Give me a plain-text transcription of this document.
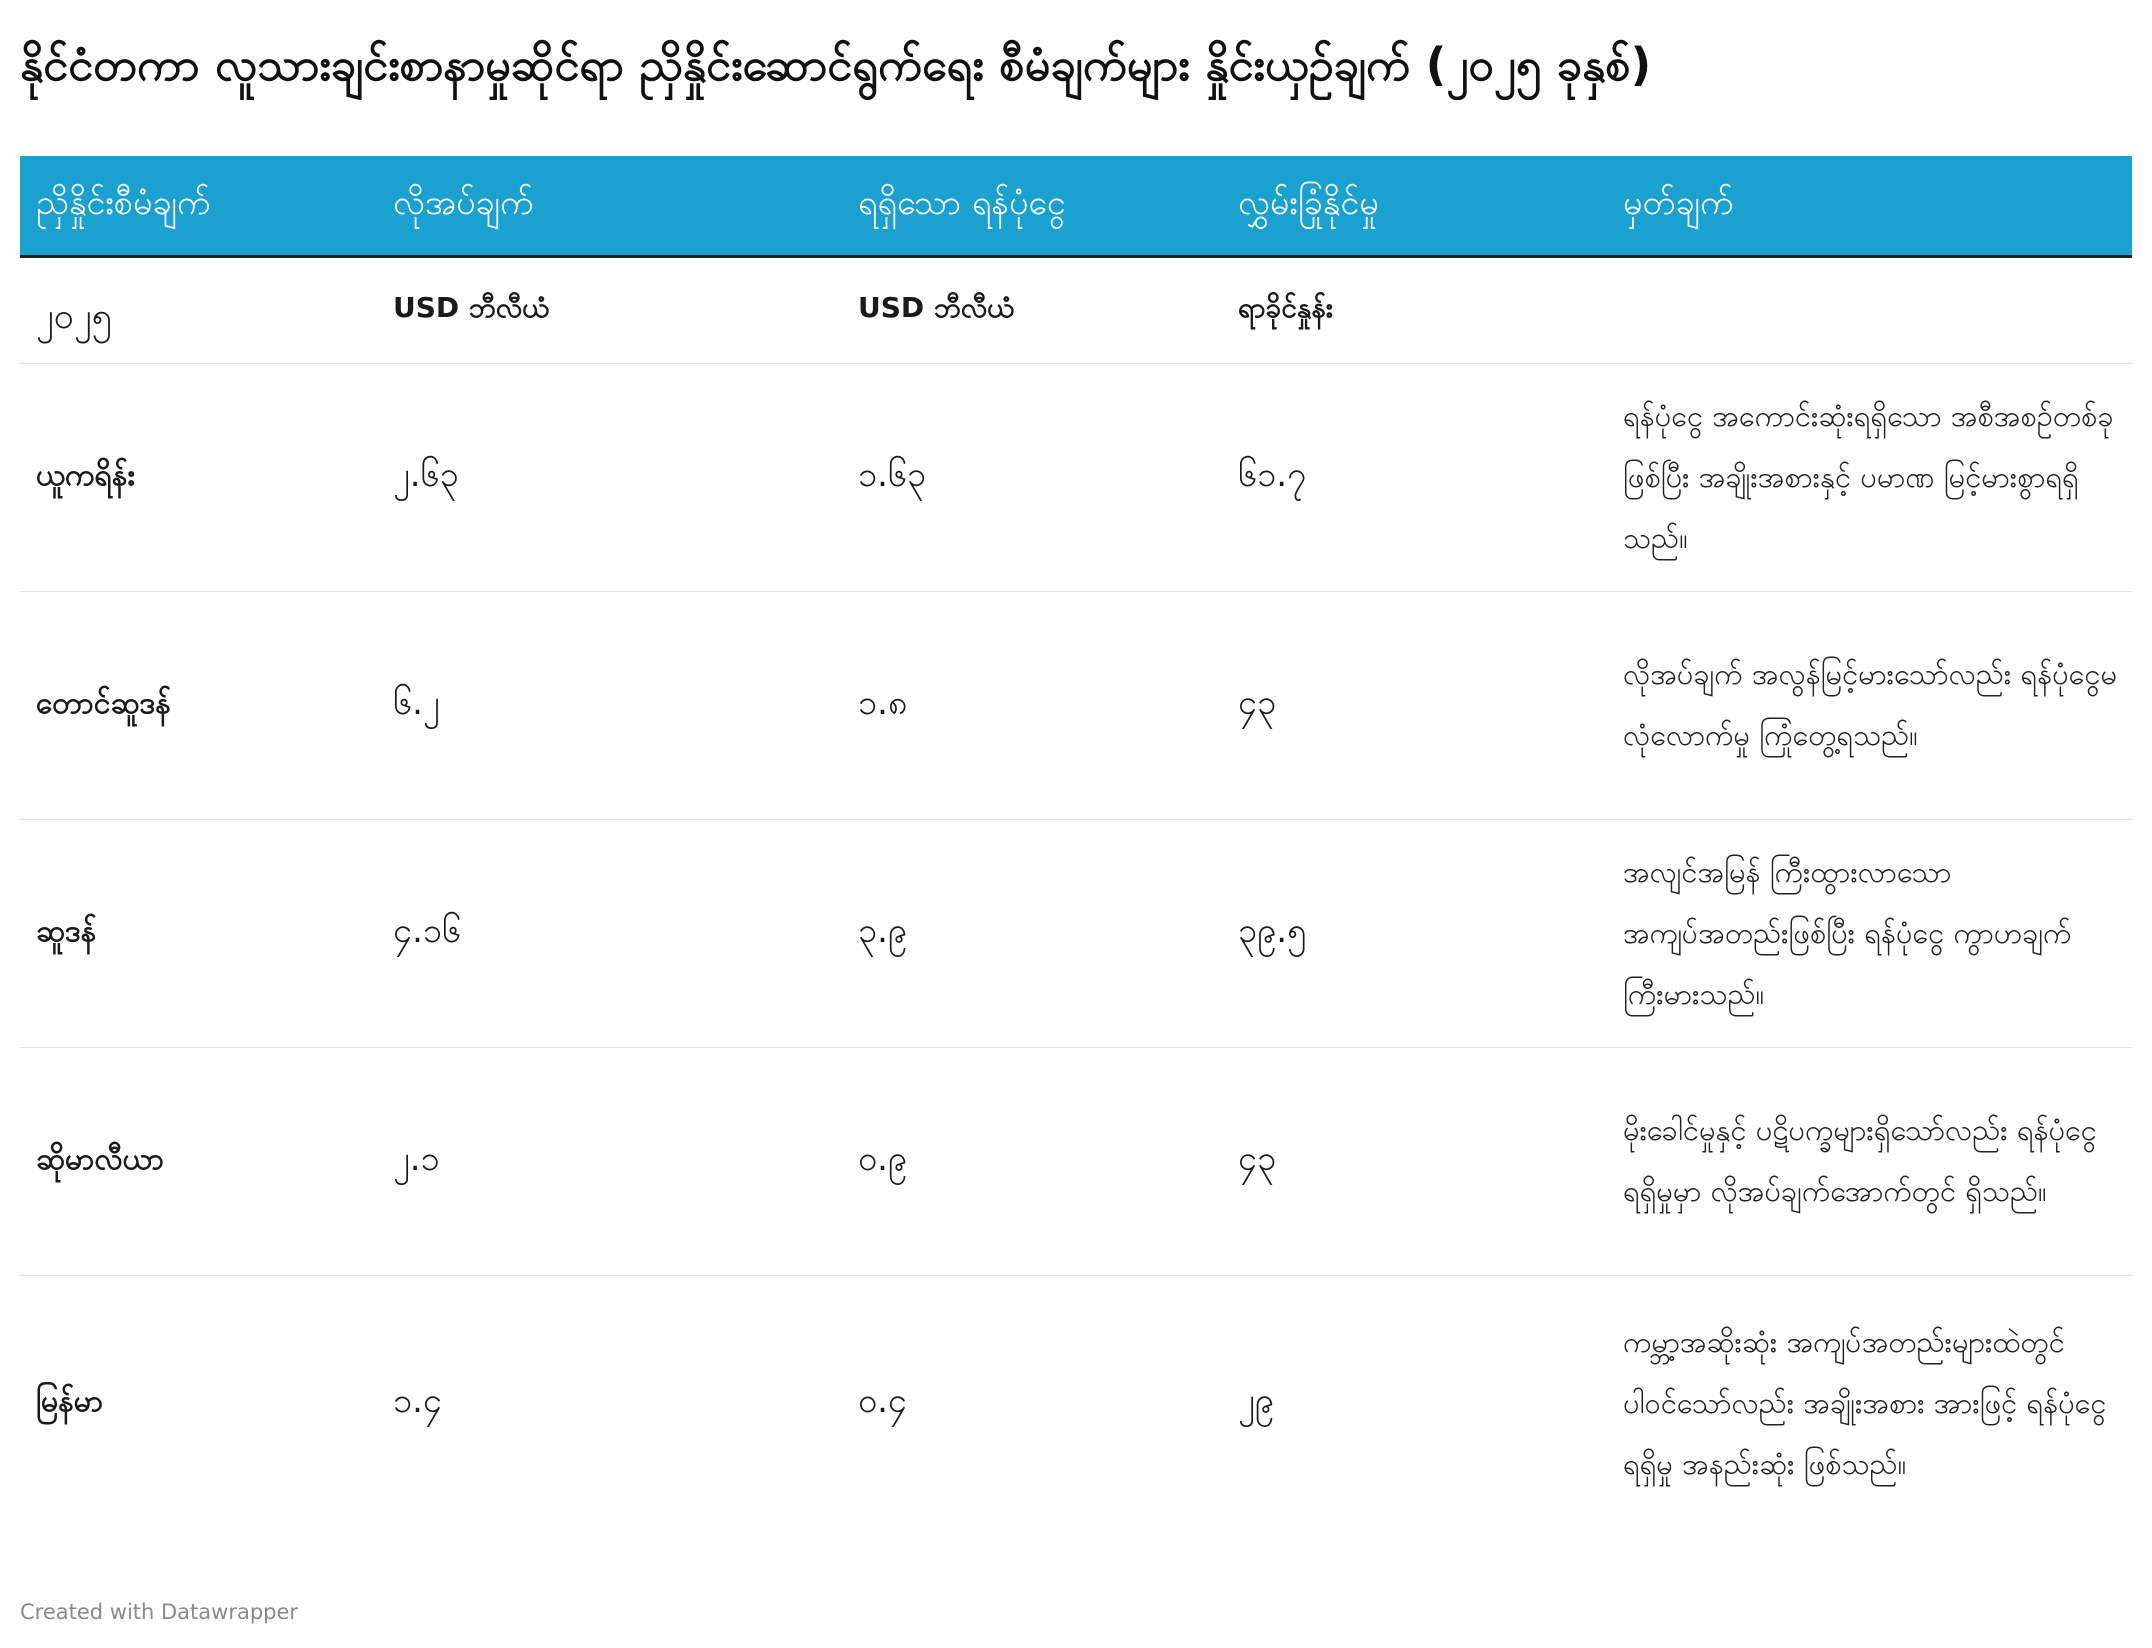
နိုင်ငံတကာ လူသားချင်းစာနာမှုဆိုင်ရာ ညှိနှိုင်းဆောင်ရွက်ရေး စီမံချက်များ နှိုင်းယှဉ်ချက် (၂၀၂၅ ခုနှစ်)
ညှိနှိုင်းစီမံချက်	လိုအပ်ချက်	ရရှိသော ရန်ပုံငွေ	လွှမ်းခြုံနိုင်မှု	မှတ်ချက်
၂၀၂၅	USD ဘီလီယံ	USD ဘီလီယံ	ရာခိုင်နှုန်း	
ယူကရိန်း	၂.၆၃	၁.၆၃	၆၁.၇	ရန်ပုံငွေ အကောင်းဆုံးရရှိသော အစီအစဉ်တစ်ခုဖြစ်ပြီး အချိုးအစားနှင့် ပမာဏ မြင့်မားစွာရရှိသည်။
တောင်ဆူဒန်	၆.၂	၁.၈	၄၃	လိုအပ်ချက် အလွန်မြင့်မားသော်လည်း ရန်ပုံငွေမလုံလောက်မှု ကြုံတွေ့ရသည်။
ဆူဒန်	၄.၁၆	၃.၉	၃၉.၅	အလျင်အမြန် ကြီးထွားလာသော အကျပ်အတည်းဖြစ်ပြီး ရန်ပုံငွေ ကွာဟချက် ကြီးမားသည်။
ဆိုမာလီယာ	၂.၁	၀.၉	၄၃	မိုးခေါင်မှုနှင့် ပဋိပက္ခများရှိသော်လည်း ရန်ပုံငွေရရှိမှုမှာ လိုအပ်ချက်အောက်တွင် ရှိသည်။
မြန်မာ	၁.၄	၀.၄	၂၉	ကမ္ဘာ့အဆိုးဆုံး အကျပ်အတည်းများထဲတွင် ပါဝင်သော်လည်း အချိုးအစား အားဖြင့် ရန်ပုံငွေရရှိမှု အနည်းဆုံး ဖြစ်သည်။
Created with Datawrapper
